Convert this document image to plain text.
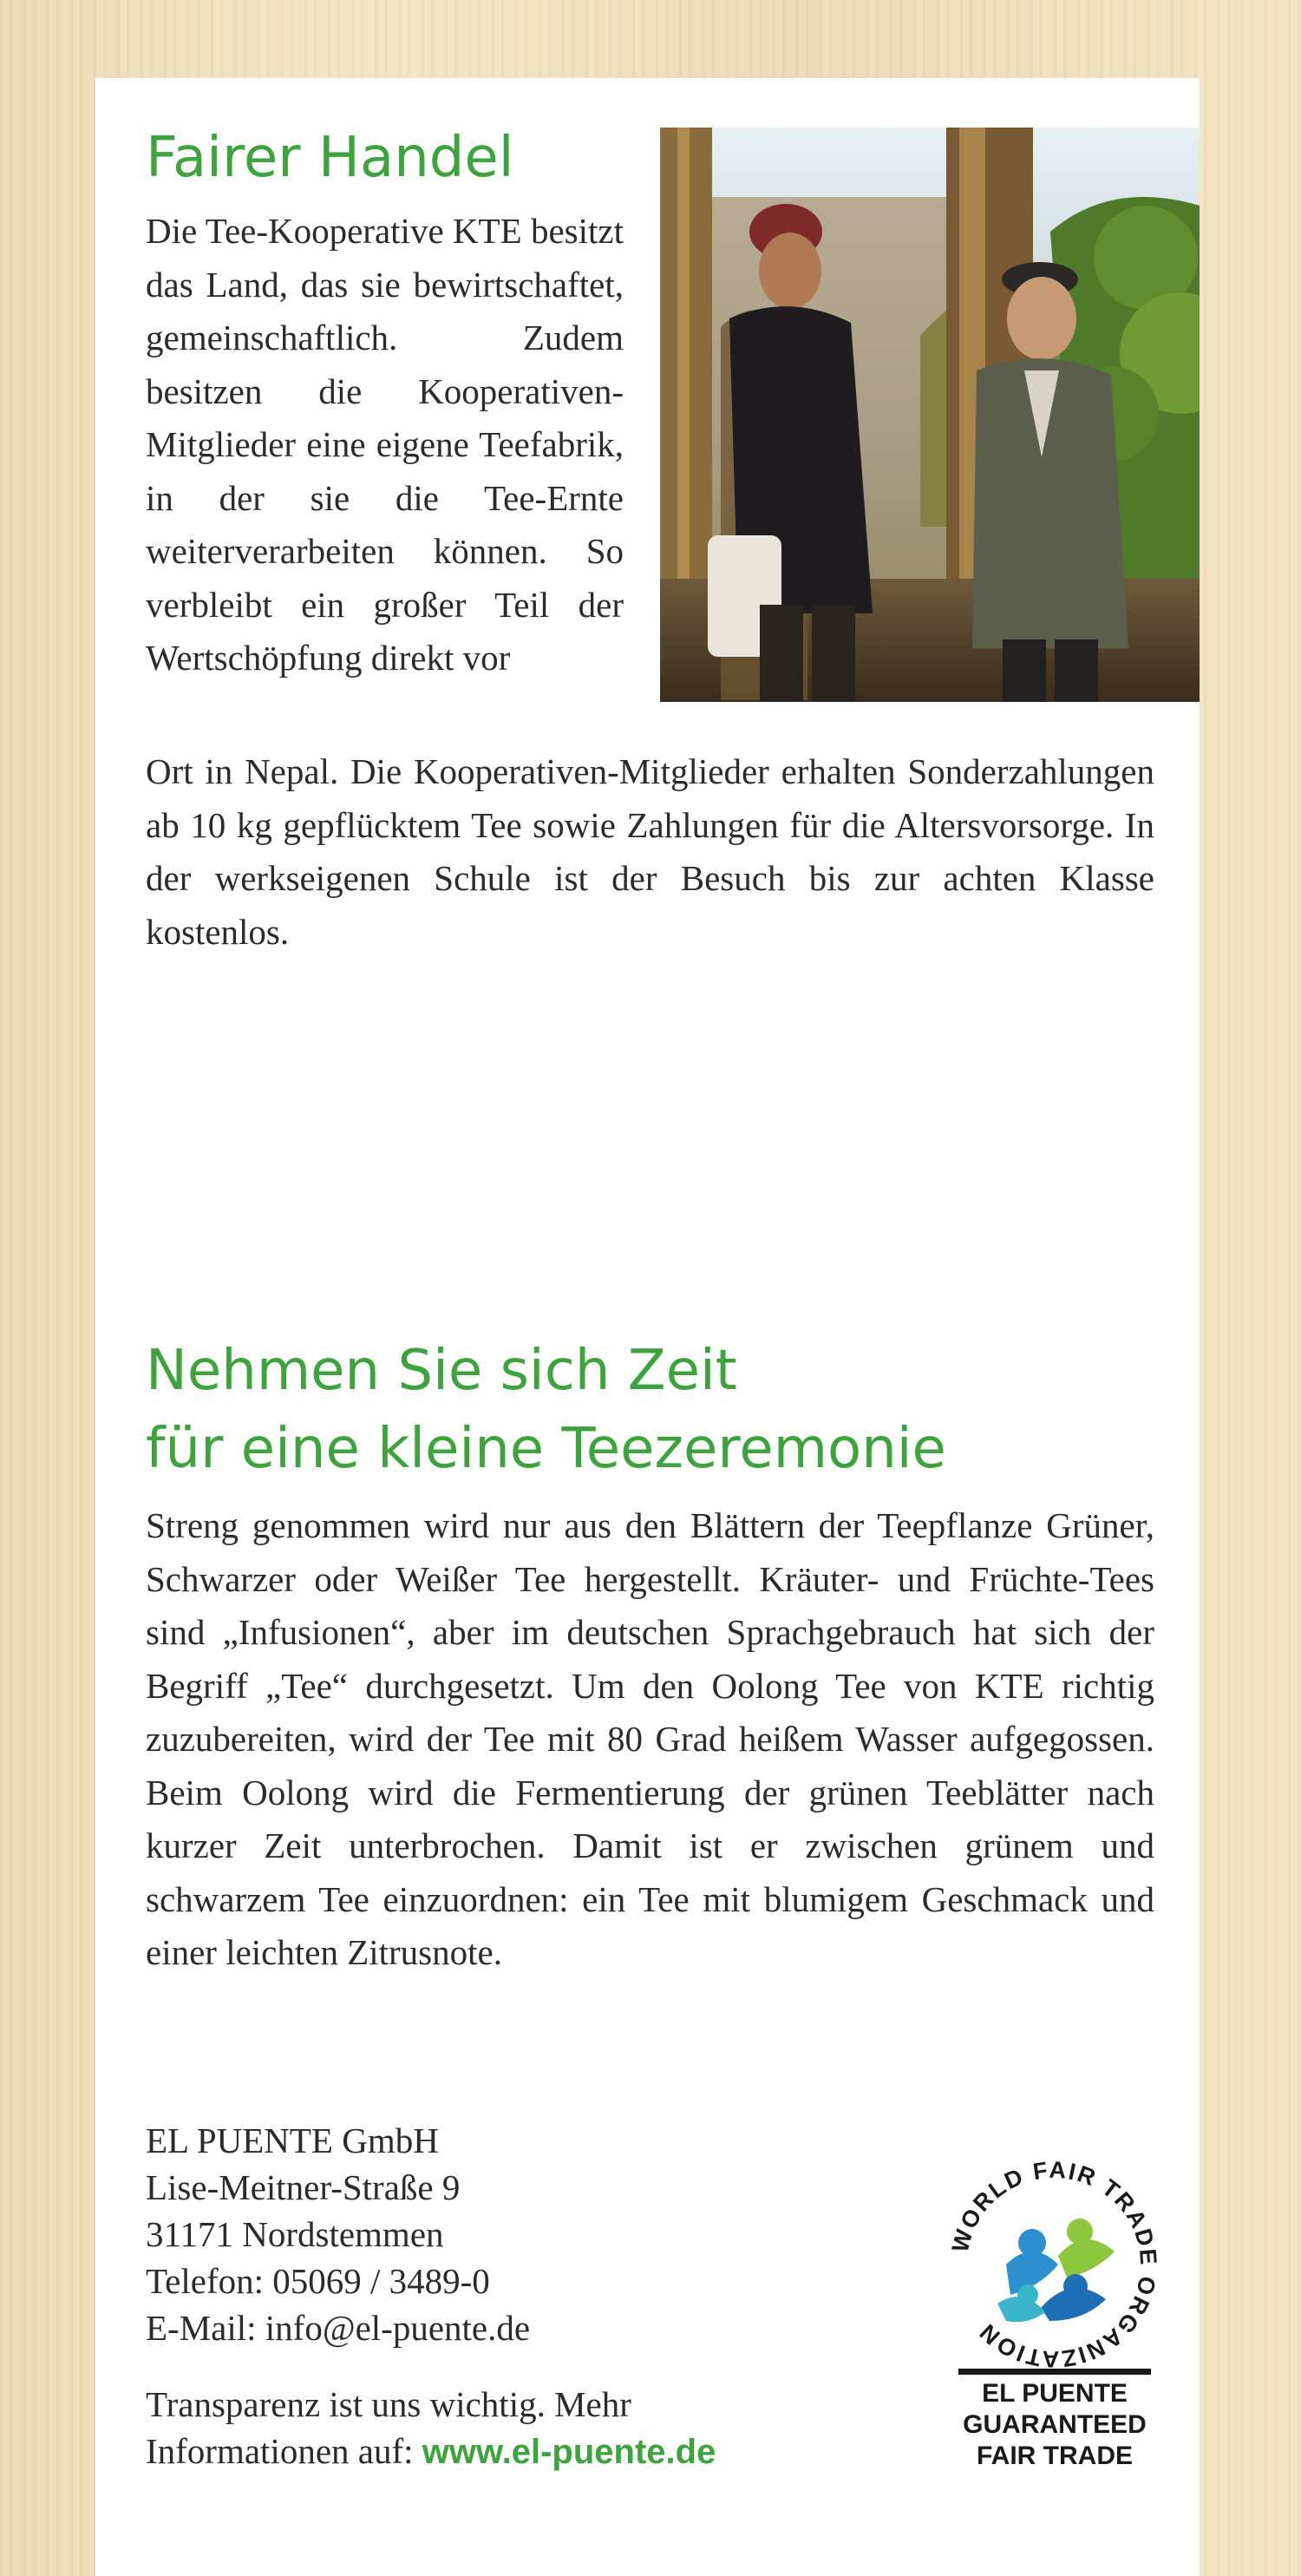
Fairer Handel

Die Tee-Kooperative KTE besitzt das Land, das sie bewirtschaftet, gemeinschaftlich. Zudem besitzen die Kooperativen-Mitglieder eine eigene Teefabrik, in der sie die Tee-Ernte weiterverarbeiten können. So verbleibt ein großer Teil der Wertschöpfung direkt vor

Ort in Nepal. Die Kooperativen-Mitglieder erhalten Sonderzahlungen ab 10 kg gepflücktem Tee sowie Zahlungen für die Altersvorsorge. In der werkseigenen Schule ist der Besuch bis zur achten Klasse kostenlos.

Nehmen Sie sich Zeit
für eine kleine Teezeremonie

Streng genommen wird nur aus den Blättern der Teepflanze Grüner, Schwarzer oder Weißer Tee hergestellt. Kräuter- und Früchte-Tees sind „Infusionen“, aber im deutschen Sprachgebrauch hat sich der Begriff „Tee“ durchgesetzt. Um den Oolong Tee von KTE richtig zuzubereiten, wird der Tee mit 80 Grad heißem Wasser aufgegossen. Beim Oolong wird die Fermentierung der grünen Teeblätter nach kurzer Zeit unterbrochen. Damit ist er zwischen grünem und schwarzem Tee einzuordnen: ein Tee mit blumigem Geschmack und einer leichten Zitrusnote.

EL PUENTE GmbH
Lise-Meitner-Straße 9
31171 Nordstemmen
Telefon: 05069 / 3489-0
E-Mail: info@el-puente.de
Transparenz ist uns wichtig. Mehr
Informationen auf: www.el-puente.de
WORLD FAIR TRADE ORGANIZATION
EL PUENTE
GUARANTEED
FAIR TRADE
